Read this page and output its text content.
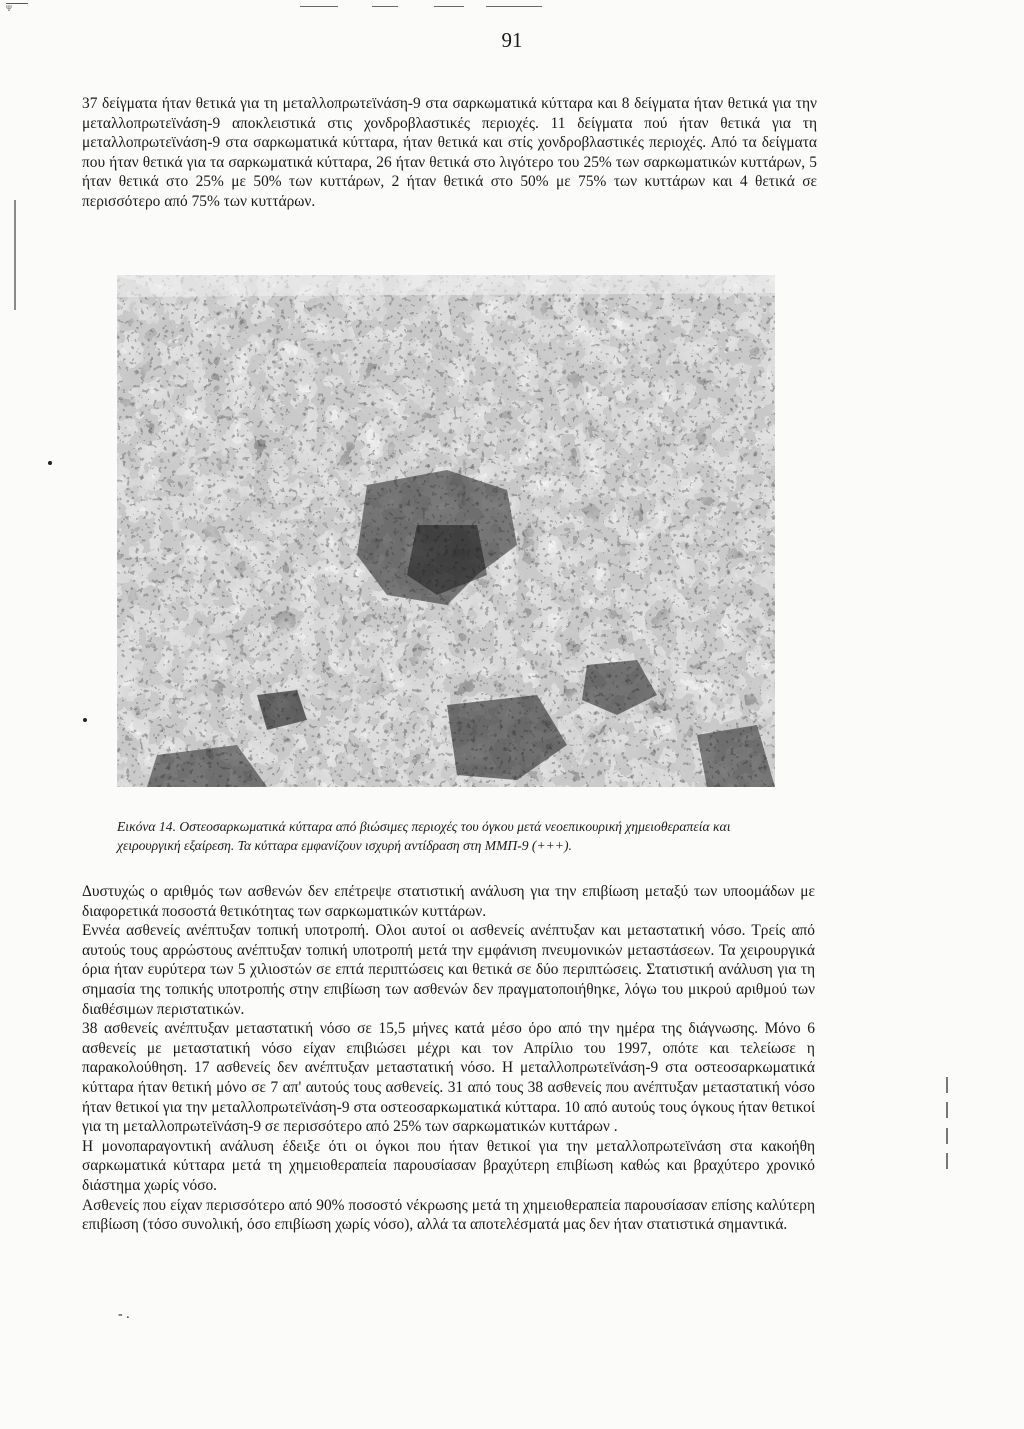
Ψ
91

37 δείγματα ήταν θετικά για τη μεταλλοπρωτεϊνάση-9 στα σαρκωματικά κύτταρα και 8 δείγματα ήταν θετικά για την μεταλλοπρωτεϊνάση-9 αποκλειστικά στις χονδροβλαστικές περιοχές. 11 δείγματα πού ήταν θετικά για τη μεταλλοπρωτεϊνάση-9 στα σαρκωματικά κύτταρα, ήταν θετικά και στίς χονδροβλαστικές περιοχές. Από τα δείγματα που ήταν θετικά για τα σαρκωματικά κύτταρα, 26 ήταν θετικά στο λιγότερο του 25% των σαρκωματικών κυττάρων, 5 ήταν θετικά στο 25% με 50% των κυττάρων, 2 ήταν θετικά στο 50% με 75% των κυττάρων και 4 θετικά σε περισσότερο από 75% των κυττάρων.

Εικόνα 14. Οστεοσαρκωματικά κύτταρα από βιώσιμες περιοχές του όγκου μετά νεοεπικουρική χημειοθεραπεία και χειρουργική εξαίρεση. Τα κύτταρα εμφανίζουν ισχυρή αντίδραση στη ΜΜΠ-9 (+++).

Δυστυχώς ο αριθμός των ασθενών δεν επέτρεψε στατιστική ανάλυση για την επιβίωση μεταξύ των υποομάδων με διαφορετικά ποσοστά θετικότητας των σαρκωματικών κυττάρων.

Εννέα ασθενείς ανέπτυξαν τοπική υποτροπή. Ολοι αυτοί οι ασθενείς ανέπτυξαν και μεταστατική νόσο. Τρείς από αυτούς τους αρρώστους ανέπτυξαν τοπική υποτροπή μετά την εμφάνιση πνευμονικών μεταστάσεων. Τα χειρουργικά όρια ήταν ευρύτερα των 5 χιλιοστών σε επτά περιπτώσεις και θετικά σε δύο περιπτώσεις. Στατιστική ανάλυση για τη σημασία της τοπικής υποτροπής στην επιβίωση των ασθενών δεν πραγματοποιήθηκε, λόγω του μικρού αριθμού των διαθέσιμων περιστατικών.

38 ασθενείς ανέπτυξαν μεταστατική νόσο σε 15,5 μήνες κατά μέσο όρο από την ημέρα της διάγνωσης. Μόνο 6 ασθενείς με μεταστατική νόσο είχαν επιβιώσει μέχρι και τον Απρίλιο του 1997, οπότε και τελείωσε η παρακολούθηση. 17 ασθενείς δεν ανέπτυξαν μεταστατική νόσο. Η μεταλλοπρωτεϊνάση-9 στα οστεοσαρκωματικά κύτταρα ήταν θετική μόνο σε 7 απ' αυτούς τους ασθενείς. 31 από τους 38 ασθενείς που ανέπτυξαν μεταστατική νόσο ήταν θετικοί για την μεταλλοπρωτεϊνάση-9 στα οστεοσαρκωματικά κύτταρα. 10 από αυτούς τους όγκους ήταν θετικοί για τη μεταλλοπρωτεϊνάση-9 σε περισσότερο από 25% των σαρκωματικών κυττάρων .

Η μονοπαραγοντική ανάλυση έδειξε ότι οι όγκοι που ήταν θετικοί για την μεταλλοπρωτεϊνάση στα κακοήθη σαρκωματικά κύτταρα μετά τη χημειοθεραπεία παρουσίασαν βραχύτερη επιβίωση καθώς και βραχύτερο χρονικό διάστημα χωρίς νόσο.

Ασθενείς που είχαν περισσότερο από 90% ποσοστό νέκρωσης μετά τη χημειοθεραπεία παρουσίασαν επίσης καλύτερη επιβίωση (τόσο συνολική, όσο επιβίωση χωρίς νόσο), αλλά τα αποτελέσματά μας δεν ήταν στατιστικά σημαντικά.

- .
